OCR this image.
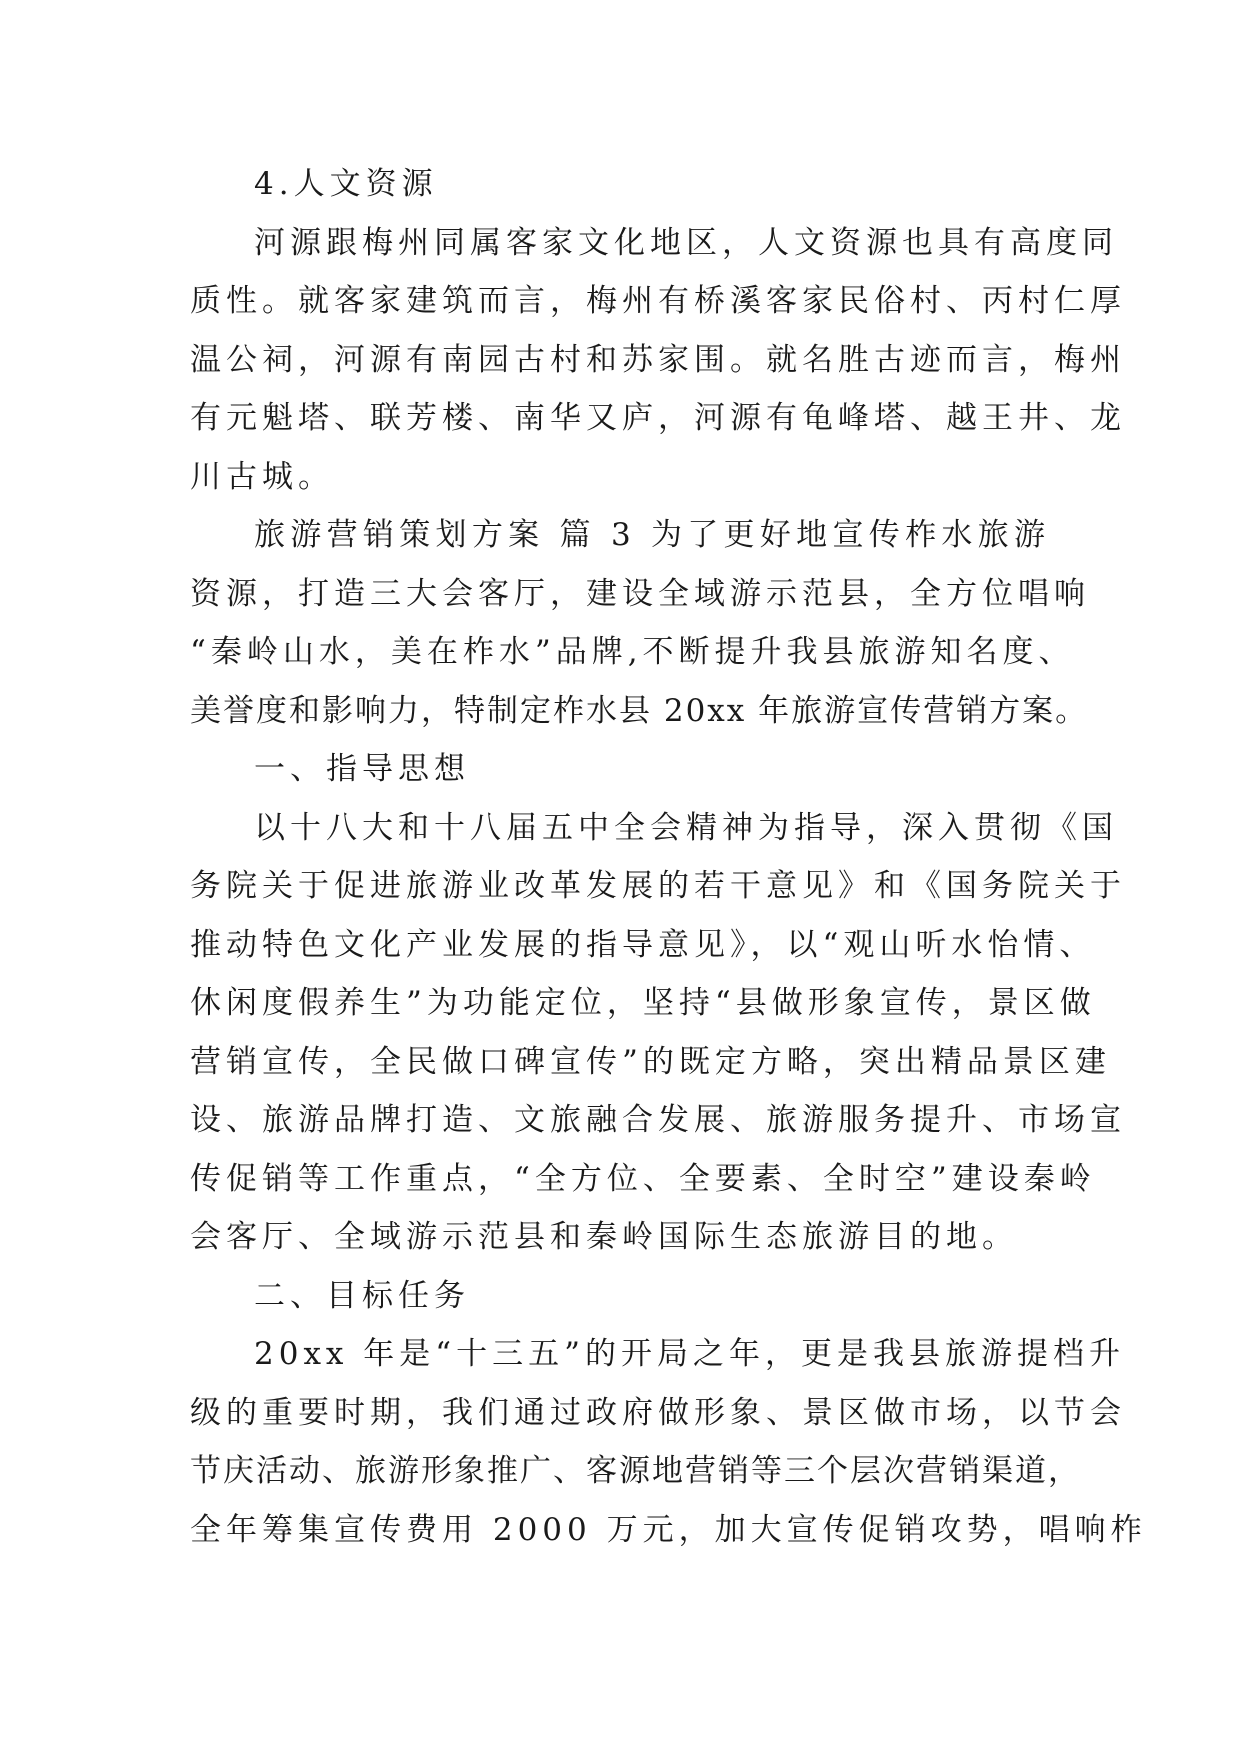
4.人文资源
河源跟梅州同属客家文化地区，人文资源也具有高度同
质性。就客家建筑而言，梅州有桥溪客家民俗村、丙村仁厚
温公祠，河源有南园古村和苏家围。就名胜古迹而言，梅州
有元魁塔、联芳楼、南华又庐，河源有龟峰塔、越王井、龙
川古城。
旅游营销策划方案 篇 3 为了更好地宣传柞水旅游
资源，打造三大会客厅，建设全域游示范县，全方位唱响
“秦岭山水，美在柞水”品牌,不断提升我县旅游知名度、
美誉度和影响力，特制定柞水县 20xx 年旅游宣传营销方案。
一、指导思想
以十八大和十八届五中全会精神为指导，深入贯彻《国
务院关于促进旅游业改革发展的若干意见》和《国务院关于
推动特色文化产业发展的指导意见》，以“观山听水怡情、
休闲度假养生”为功能定位，坚持“县做形象宣传，景区做
营销宣传，全民做口碑宣传”的既定方略，突出精品景区建
设、旅游品牌打造、文旅融合发展、旅游服务提升、市场宣
传促销等工作重点，“全方位、全要素、全时空”建设秦岭
会客厅、全域游示范县和秦岭国际生态旅游目的地。
二、目标任务
20xx 年是“十三五”的开局之年，更是我县旅游提档升
级的重要时期，我们通过政府做形象、景区做市场，以节会
节庆活动、旅游形象推广、客源地营销等三个层次营销渠道，
全年筹集宣传费用 2000 万元，加大宣传促销攻势，唱响柞
